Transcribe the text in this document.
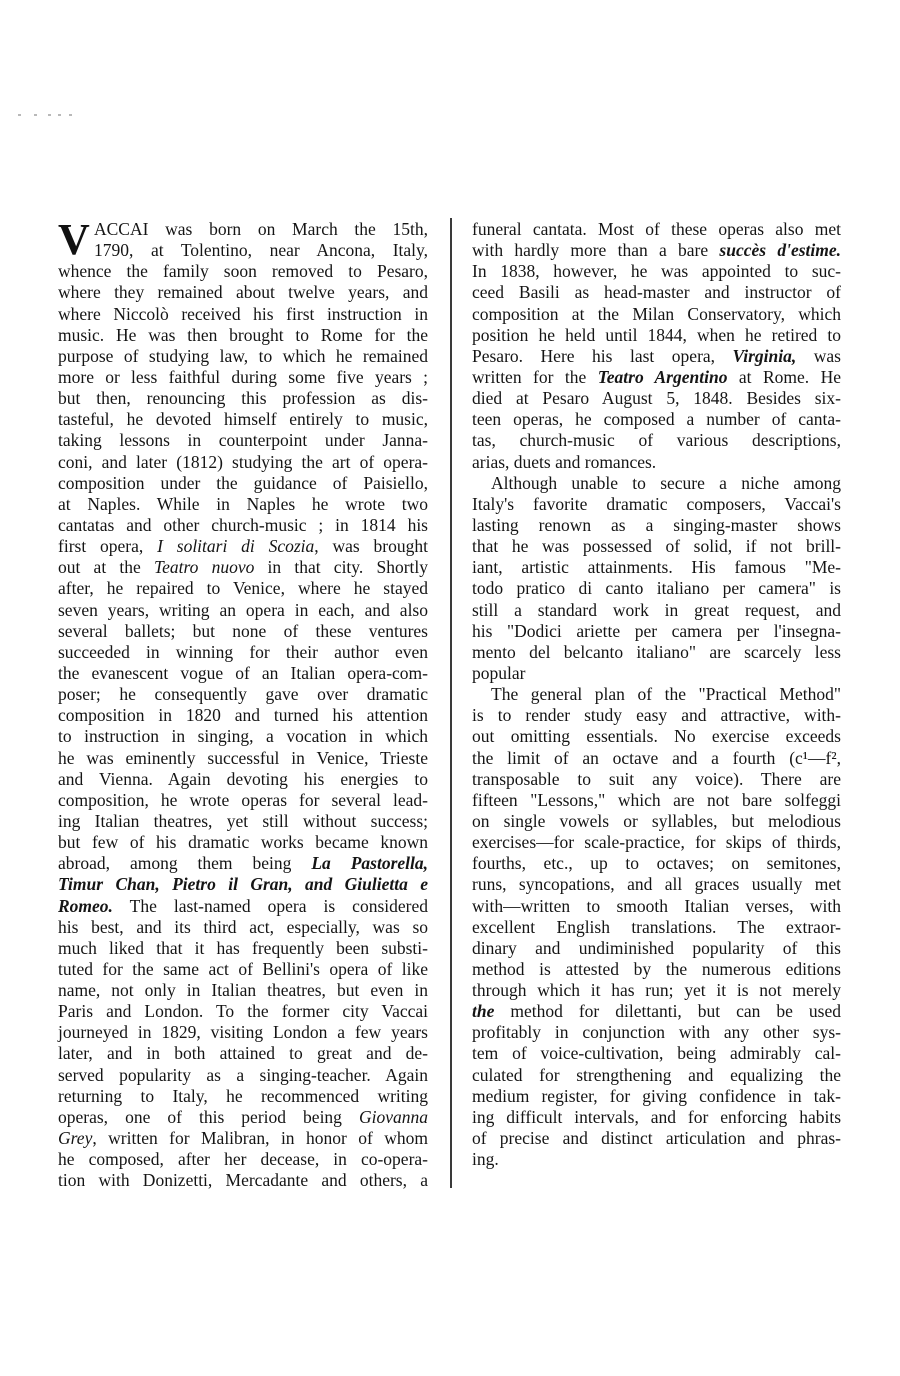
V ACCAI was born on March the 15th,
1790, at Tolentino, near Ancona, Italy,
whence the family soon removed to Pesaro,
where they remained about twelve years, and
where Niccolò received his first instruction in
music. He was then brought to Rome for the
purpose of studying law, to which he remained
more or less faithful during some five years ;
but then, renouncing this profession as dis-
tasteful, he devoted himself entirely to music,
taking lessons in counterpoint under Janna-
coni, and later (1812) studying the art of opera-
composition under the guidance of Paisiello,
at Naples. While in Naples he wrote two
cantatas and other church-music ; in 1814 his
first opera, I solitari di Scozia, was brought
out at the Teatro nuovo in that city. Shortly
after, he repaired to Venice, where he stayed
seven years, writing an opera in each, and also
several ballets; but none of these ventures
succeeded in winning for their author even
the evanescent vogue of an Italian opera-com-
poser; he consequently gave over dramatic
composition in 1820 and turned his attention
to instruction in singing, a vocation in which
he was eminently successful in Venice, Trieste
and Vienna. Again devoting his energies to
composition, he wrote operas for several lead-
ing Italian theatres, yet still without success;
but few of his dramatic works became known
abroad, among them being La Pastorella,
Timur Chan, Pietro il Gran, and Giulietta e
Romeo. The last-named opera is considered
his best, and its third act, especially, was so
much liked that it has frequently been substi-
tuted for the same act of Bellini's opera of like
name, not only in Italian theatres, but even in
Paris and London. To the former city Vaccai
journeyed in 1829, visiting London a few years
later, and in both attained to great and de-
served popularity as a singing-teacher. Again
returning to Italy, he recommenced writing
operas, one of this period being Giovanna
Grey, written for Malibran, in honor of whom
he composed, after her decease, in co-opera-
tion with Donizetti, Mercadante and others, a
funeral cantata. Most of these operas also met
with hardly more than a bare succès d'estime.
In 1838, however, he was appointed to suc-
ceed Basili as head-master and instructor of
composition at the Milan Conservatory, which
position he held until 1844, when he retired to
Pesaro. Here his last opera, Virginia, was
written for the Teatro Argentino at Rome. He
died at Pesaro August 5, 1848. Besides six-
teen operas, he composed a number of canta-
tas, church-music of various descriptions,
arias, duets and romances.
Although unable to secure a niche among
Italy's favorite dramatic composers, Vaccai's
lasting renown as a singing-master shows
that he was possessed of solid, if not brill-
iant, artistic attainments. His famous "Me-
todo pratico di canto italiano per camera" is
still a standard work in great request, and
his "Dodici ariette per camera per l'insegna-
mento del belcanto italiano" are scarcely less
popular
The general plan of the "Practical Method"
is to render study easy and attractive, with-
out omitting essentials. No exercise exceeds
the limit of an octave and a fourth (c¹—f²,
transposable to suit any voice). There are
fifteen "Lessons," which are not bare solfeggi
on single vowels or syllables, but melodious
exercises—for scale-practice, for skips of thirds,
fourths, etc., up to octaves; on semitones,
runs, syncopations, and all graces usually met
with—written to smooth Italian verses, with
excellent English translations. The extraor-
dinary and undiminished popularity of this
method is attested by the numerous editions
through which it has run; yet it is not merely
the method for dilettanti, but can be used
profitably in conjunction with any other sys-
tem of voice-cultivation, being admirably cal-
culated for strengthening and equalizing the
medium register, for giving confidence in tak-
ing difficult intervals, and for enforcing habits
of precise and distinct articulation and phras-
ing.
